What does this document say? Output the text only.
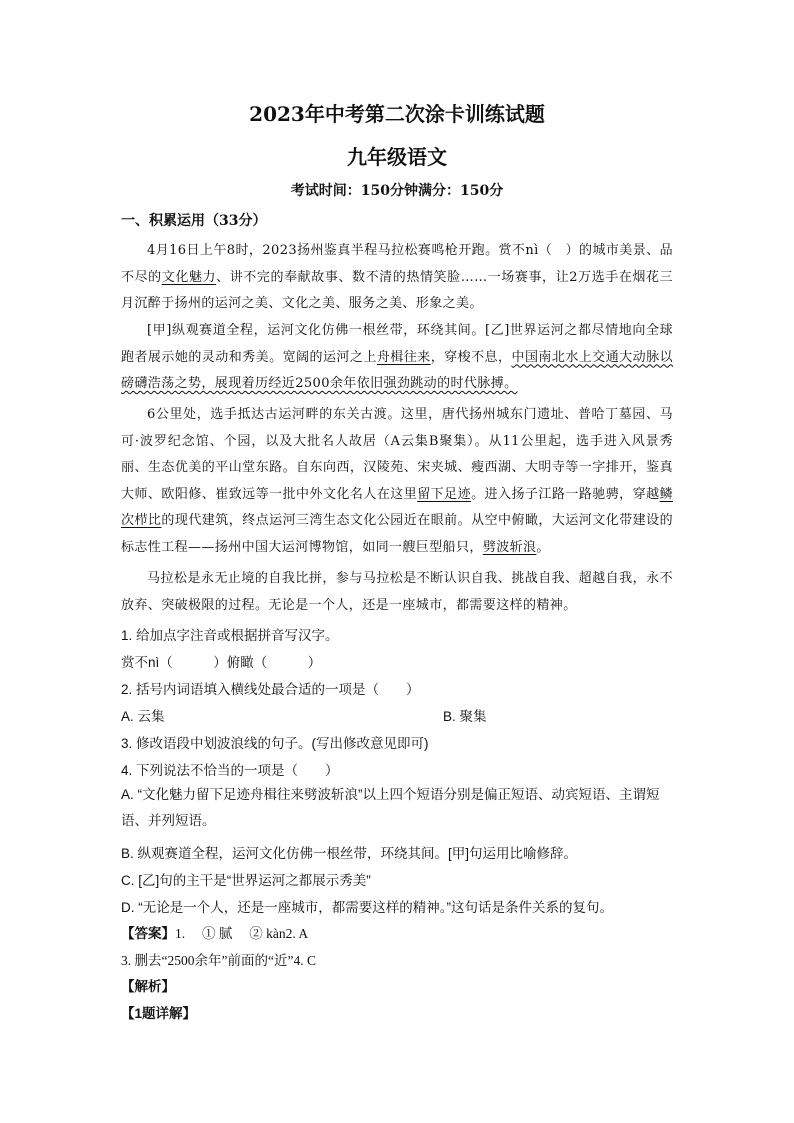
2023年中考第二次涂卡训练试题
九年级语文
考试时间：150分钟满分：150分
一、积累运用（33分）

4月16日上午8时，2023扬州鉴真半程马拉松赛鸣枪开跑。赏不nì（　）的城市美景、品不尽的文化魅力、讲不完的奉献故事、数不清的热情笑脸……一场赛事，让2万选手在烟花三月沉醉于扬州的运河之美、文化之美、服务之美、形象之美。

[甲]纵观赛道全程，运河文化仿佛一根丝带，环绕其间。[乙]世界运河之都尽情地向全球跑者展示她的灵动和秀美。宽阔的运河之上舟楫往来，穿梭不息，中国南北水上交通大动脉以磅礴浩荡之势，展现着历经近2500余年依旧强劲跳动的时代脉搏。

6公里处，选手抵达古运河畔的东关古渡。这里，唐代扬州城东门遗址、普哈丁墓园、马可·波罗纪念馆、个园，以及大批名人故居（A云集B聚集）。从11公里起，选手进入风景秀丽、生态优美的平山堂东路。自东向西，汉陵苑、宋夹城、瘦西湖、大明寺等一字排开，鉴真大师、欧阳修、崔致远等一批中外文化名人在这里留下足迹。进入扬子江路一路驰骋，穿越鳞次栉比的现代建筑，终点运河三湾生态文化公园近在眼前。从空中俯瞰，大运河文化带建设的标志性工程——扬州中国大运河博物馆，如同一艘巨型船只，劈波斩浪。

马拉松是永无止境的自我比拼，参与马拉松是不断认识自我、挑战自我、超越自我，永不放弃、突破极限的过程。无论是一个人，还是一座城市，都需要这样的精神。

1. 给加点字注音或根据拼音写汉字。
赏不nì（　　　）俯瞰（　　　）
2. 括号内词语填入横线处最合适的一项是（　　）
A. 云集	B. 聚集
3. 修改语段中划波浪线的句子。(写出修改意见即可)
4. 下列说法不恰当的一项是（　　）
A. “文化魅力留下足迹舟楫往来劈波斩浪”以上四个短语分别是偏正短语、动宾短语、主谓短语、并列短语。
B. 纵观赛道全程，运河文化仿佛一根丝带，环绕其间。[甲]句运用比喻修辞。
C. [乙]句的主干是“世界运河之都展示秀美”
D. “无论是一个人，还是一座城市，都需要这样的精神。”这句话是条件关系的复句。
【答案】1.　 ① 腻　 ② kàn2. A
3. 删去“2500余年”前面的“近”4. C
【解析】
【1题详解】
